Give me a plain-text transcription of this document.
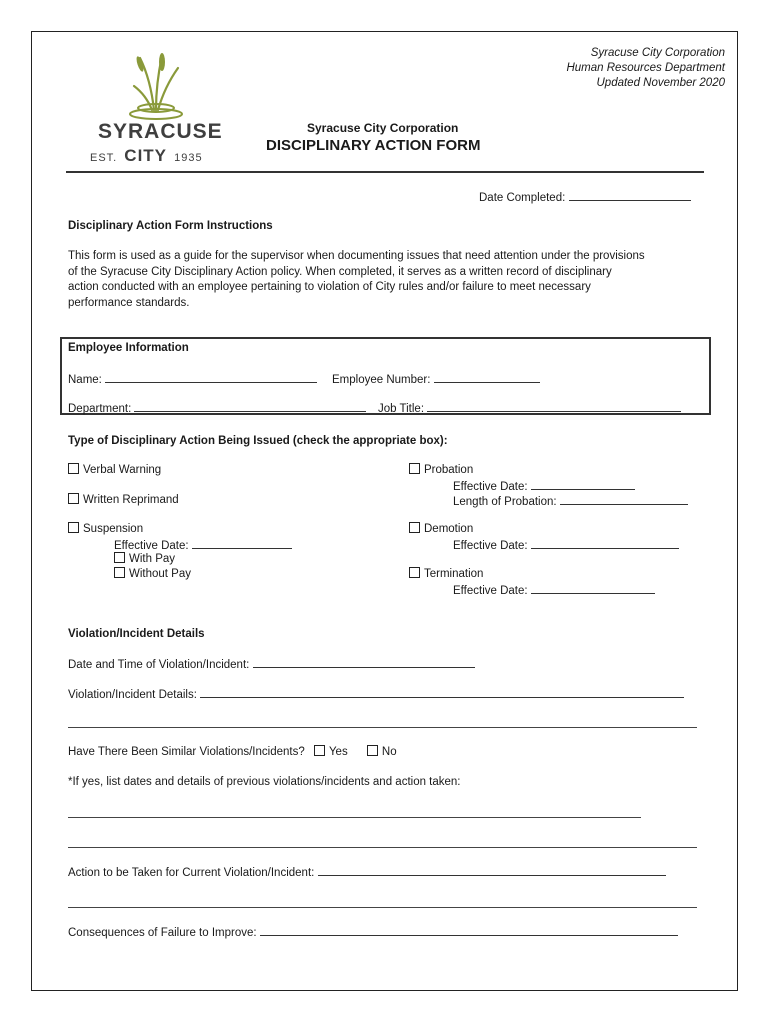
Syracuse City Corporation
Human Resources Department
Updated November 2020
SYRACUSE
EST. CITY 1935
Syracuse City Corporation
DISCIPLINARY ACTION FORM
Date Completed:
Disciplinary Action Form Instructions
This form is used as a guide for the supervisor when documenting issues that need attention under the provisions
of the Syracuse City Disciplinary Action policy. When completed, it serves as a written record of disciplinary
action conducted with an employee pertaining to violation of City rules and/or failure to meet necessary
performance standards.
Employee Information
Name:	Employee Number:
Department:	Job Title:
Type of Disciplinary Action Being Issued (check the appropriate box):
Verbal Warning
Written Reprimand
Suspension
Effective Date:
With Pay
Without Pay
Probation
Effective Date:
Length of Probation:
Demotion
Effective Date:
Termination
Effective Date:
Violation/Incident Details
Date and Time of Violation/Incident:
Violation/Incident Details:
Have There Been Similar Violations/Incidents? Yes	No
*If yes, list dates and details of previous violations/incidents and action taken:
Action to be Taken for Current Violation/Incident:
Consequences of Failure to Improve:
